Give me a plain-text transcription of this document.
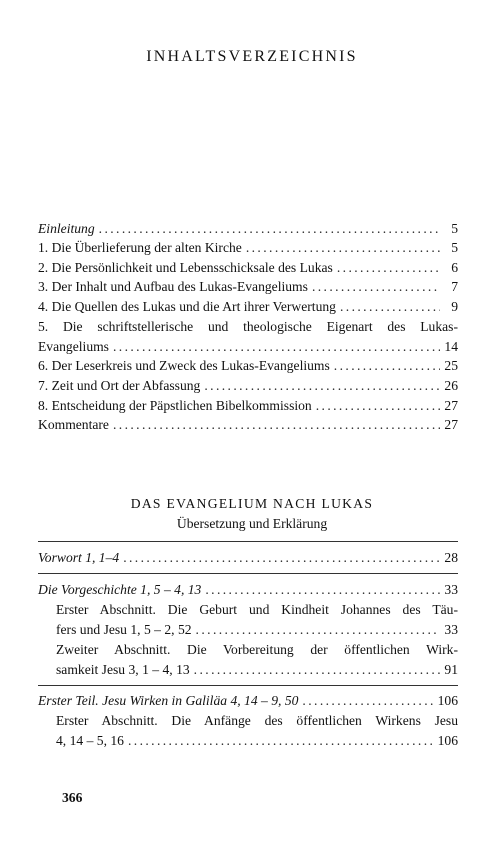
INHALTSVERZEICHNIS
Einleitung .....	5
1. Die Überlieferung der alten Kirche .....	5
2. Die Persönlichkeit und Lebensschicksale des Lukas .....	6
3. Der Inhalt und Aufbau des Lukas-Evangeliums .....	7
4. Die Quellen des Lukas und die Art ihrer Verwertung .....	9
5. Die schriftstellerische und theologische Eigenart des Lukas-
Evangeliums .....	14
6. Der Leserkreis und Zweck des Lukas-Evangeliums .....	25
7. Zeit und Ort der Abfassung .....	26
8. Entscheidung der Päpstlichen Bibelkommission .....	27
Kommentare .....	27
DAS EVANGELIUM NACH LUKAS
Übersetzung und Erklärung
Vorwort 1, 1–4 .....	28
Die Vorgeschichte 1, 5 – 4, 13 .....	33
Erster Abschnitt. Die Geburt und Kindheit Johannes des Täu-
fers und Jesu 1, 5 – 2, 52 .....	33
Zweiter Abschnitt. Die Vorbereitung der öffentlichen Wirk-
samkeit Jesu 3, 1 – 4, 13 .....	91
Erster Teil. Jesu Wirken in Galiläa 4, 14 – 9, 50 .....	106
Erster Abschnitt. Die Anfänge des öffentlichen Wirkens Jesu
4, 14 – 5, 16 .....	106
366
